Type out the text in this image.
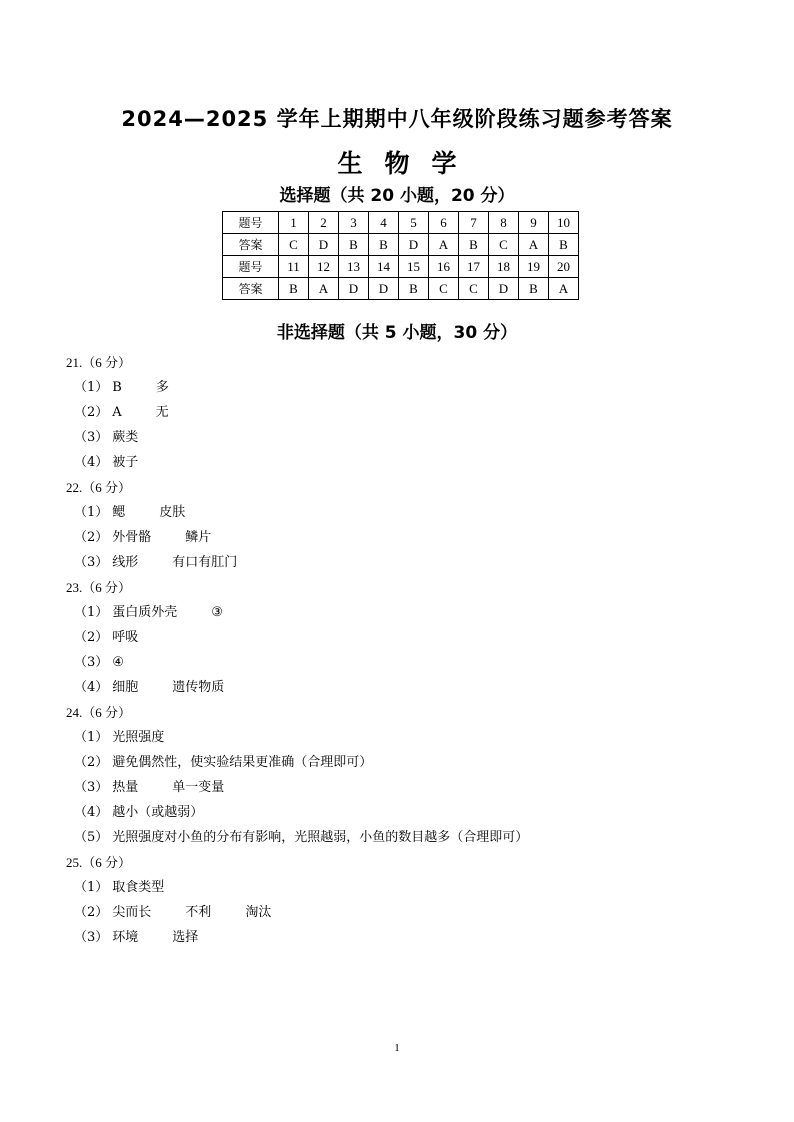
2024—2025 学年上期期中八年级阶段练习题参考答案
生物学
选择题（共 20 小题，20 分）
题号	1	2	3	4	5	6	7	8	9	10
答案	C	D	B	B	D	A	B	C	A	B
题号	11	12	13	14	15	16	17	18	19	20
答案	B	A	D	D	B	C	C	D	B	A
非选择题（共 5 小题，30 分）
21.（6 分）
（1） B	多
（2） A	无
（3） 蕨类
（4） 被子
22.（6 分）
（1） 鳃	皮肤
（2） 外骨骼	鳞片
（3） 线形	有口有肛门
23.（6 分）
（1） 蛋白质外壳	③
（2） 呼吸
（3） ④
（4） 细胞	遗传物质
24.（6 分）
（1） 光照强度
（2） 避免偶然性，使实验结果更准确（合理即可）
（3） 热量	单一变量
（4） 越小（或越弱）
（5） 光照强度对小鱼的分布有影响，光照越弱，小鱼的数目越多（合理即可）
25.（6 分）
（1） 取食类型
（2） 尖而长	不利	淘汰
（3） 环境	选择
1
